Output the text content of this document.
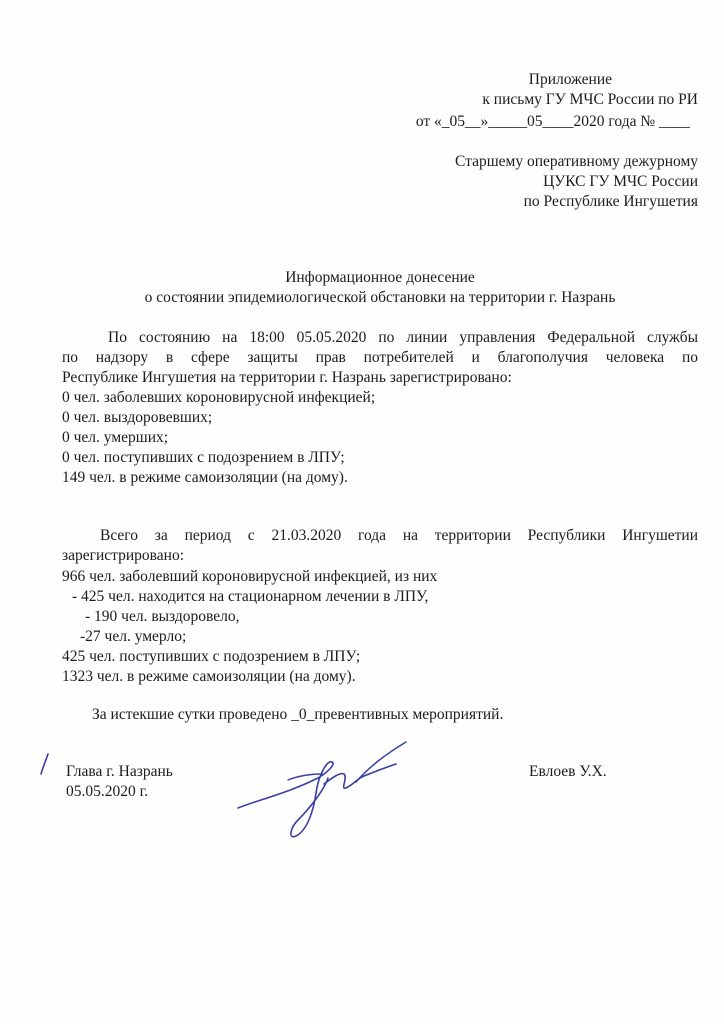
Приложение
к письму ГУ МЧС России по РИ
от «_05__»_____05____2020 года № ____
Старшему оперативному дежурному
ЦУКС ГУ МЧС России
по Республике Ингушетия
Информационное донесение
о состоянии эпидемиологической обстановки на территории г. Назрань
По состоянию на 18:00 05.05.2020 по линии управления Федеральной службы
по надзору в сфере защиты прав потребителей и благополучия человека по
Республике Ингушетия на территории г. Назрань зарегистрировано:
0 чел. заболевших короновирусной инфекцией;
0 чел. выздоровевших;
0 чел. умерших;
0 чел. поступивших с подозрением в ЛПУ;
149 чел. в режиме самоизоляции (на дому).
Всего за период с 21.03.2020 года на территории Республики Ингушетии
зарегистрировано:
966 чел. заболевший короновирусной инфекцией, из них
- 425 чел. находится на стационарном лечении в ЛПУ,
- 190 чел. выздоровело,
-27 чел. умерло;
425 чел. поступивших с подозрением в ЛПУ;
1323 чел. в режиме самоизоляции (на дому).
За истекшие сутки проведено _0_превентивных мероприятий.
Глава г. Назрань
05.05.2020 г.
Евлоев У.Х.
